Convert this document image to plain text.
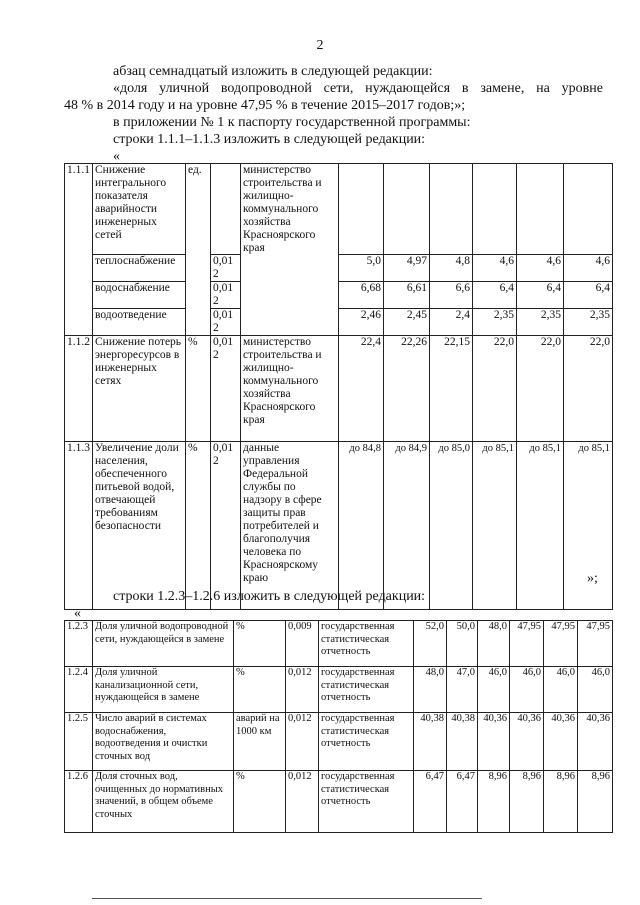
2
абзац семнадцатый изложить в следующей редакции:
«доля уличной водопроводной сети, нуждающейся в замене, на уровне
48 % в 2014 году и на уровне 47,95 % в течение 2015–2017 годов;»;
в приложении № 1 к паспорту государственной программы:
строки 1.1.1–1.1.3 изложить в следующей редакции:
«
1.1.1	Снижение интегрального показателя аварийности инженерных сетей	ед.		министерство строительства и жилищно-коммунального хозяйства Красноярского края						
	теплоснабжение		0,012		5,0	4,97	4,8	4,6	4,6	4,6
	водоснабжение		0,012		6,68	6,61	6,6	6,4	6,4	6,4
	водоотведение		0,012		2,46	2,45	2,4	2,35	2,35	2,35
1.1.2	Снижение потерь энергоресурсов в инженерных сетях	%	0,012	министерство строительства и жилищно-коммунального хозяйства Красноярского края	22,4	22,26	22,15	22,0	22,0	22,0
1.1.3	Увеличение доли населения, обеспеченного питьевой водой, отвечающей требованиям безопасности	%	0,012	данные управления Федеральной службы по надзору в сфере защиты прав потребителей и благополучия человека по Красноярскому краю	до 84,8	до 84,9	до 85,0	до 85,1	до 85,1	до 85,1
»;
строки 1.2.3–1.2.6 изложить в следующей редакции:
«
1.2.3	Доля уличной водопроводной сети, нуждающейся в замене	%	0,009	государственная статистическая отчетность	52,0	50,0	48,0	47,95	47,95	47,95
1.2.4	Доля уличной канализационной сети, нуждающейся в замене	%	0,012	государственная статистическая отчетность	48,0	47,0	46,0	46,0	46,0	46,0
1.2.5	Число аварий в системах водоснабжения, водоотведения и очистки сточных вод	аварий на 1000 км	0,012	государственная статистическая отчетность	40,38	40,38	40,36	40,36	40,36	40,36
1.2.6	Доля сточных вод, очищенных до нормативных значений, в общем объеме сточных	%	0,012	государственная статистическая отчетность	6,47	6,47	8,96	8,96	8,96	8,96
